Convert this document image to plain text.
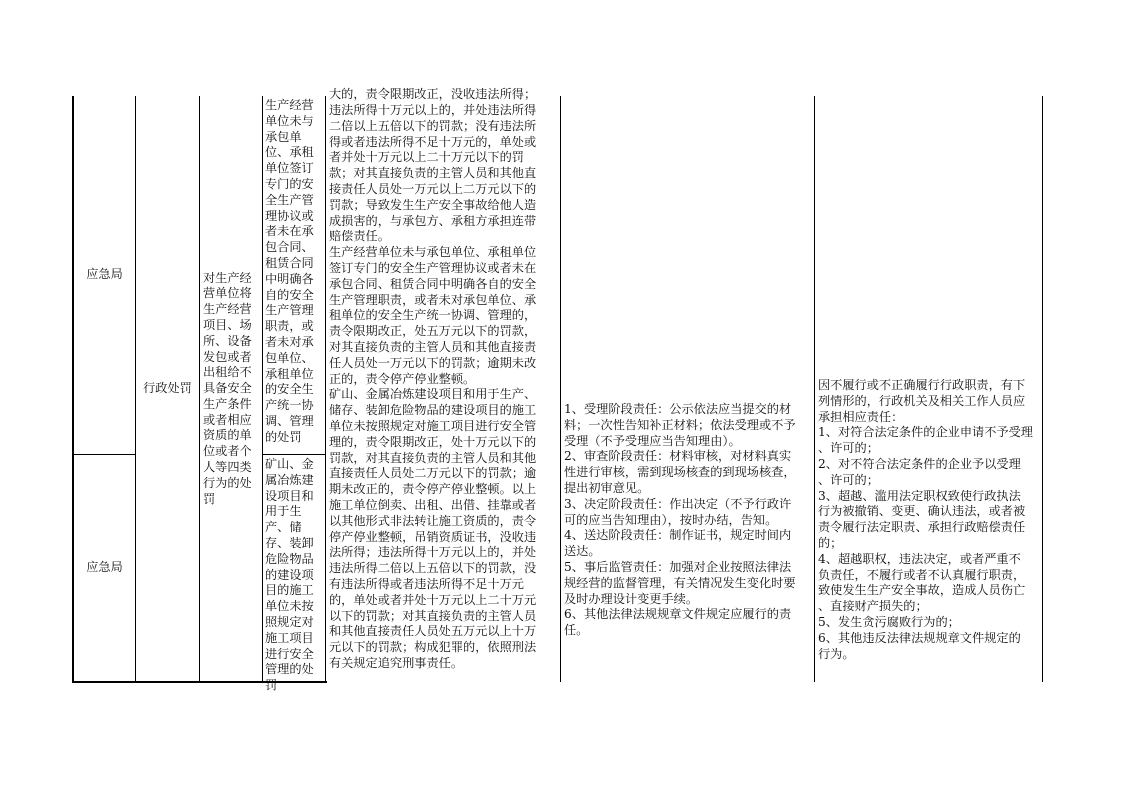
应急局
应急局
行政处罚
对生产经营单位将生产经营项目、场所、设备发包或者出租给不具备安全生产条件或者相应资质的单位或者个人等四类行为的处罚
生产经营单位未与承包单位、承租单位签订专门的安全生产管理协议或者未在承包合同、租赁合同中明确各自的安全生产管理职责，或者未对承包单位、承租单位的安全生产统一协调、管理的处罚
矿山、金属冶炼建设项目和用于生产、储存、装卸危险物品的建设项目的施工单位未按照规定对施工项目进行安全管理的处罚
大的，责令限期改正，没收违法所得；
违法所得十万元以上的，并处违法所得
二倍以上五倍以下的罚款；没有违法所
得或者违法所得不足十万元的，单处或
者并处十万元以上二十万元以下的罚
款；对其直接负责的主管人员和其他直
接责任人员处一万元以上二万元以下的
罚款；导致发生生产安全事故给他人造
成损害的，与承包方、承租方承担连带
赔偿责任。
生产经营单位未与承包单位、承租单位
签订专门的安全生产管理协议或者未在
承包合同、租赁合同中明确各自的安全
生产管理职责，或者未对承包单位、承
租单位的安全生产统一协调、管理的，
责令限期改正，处五万元以下的罚款，
对其直接负责的主管人员和其他直接责
任人员处一万元以下的罚款；逾期未改
正的，责令停产停业整顿。
矿山、金属冶炼建设项目和用于生产、
储存、装卸危险物品的建设项目的施工
单位未按照规定对施工项目进行安全管
理的，责令限期改正，处十万元以下的
罚款，对其直接负责的主管人员和其他
直接责任人员处二万元以下的罚款；逾
期未改正的，责令停产停业整顿。以上
施工单位倒卖、出租、出借、挂靠或者
以其他形式非法转让施工资质的，责令
停产停业整顿，吊销资质证书，没收违
法所得；违法所得十万元以上的，并处
违法所得二倍以上五倍以下的罚款，没
有违法所得或者违法所得不足十万元
的，单处或者并处十万元以上二十万元
以下的罚款；对其直接负责的主管人员
和其他直接责任人员处五万元以上十万
元以下的罚款；构成犯罪的，依照刑法
有关规定追究刑事责任。
1、受理阶段责任：公示依法应当提交的材
料；一次性告知补正材料；依法受理或不予
受理（不予受理应当告知理由）。
2、审查阶段责任：材料审核，对材料真实
性进行审核，需到现场核查的到现场核查，
提出初审意见。
3、决定阶段责任：作出决定（不予行政许
可的应当告知理由），按时办结，告知。
4、送达阶段责任：制作证书，规定时间内
送达。
5、事后监管责任：加强对企业按照法律法
规经营的监督管理，有关情况发生变化时要
及时办理设计变更手续。
6、其他法律法规规章文件规定应履行的责
任。
因不履行或不正确履行行政职责，有下
列情形的，行政机关及相关工作人员应
承担相应责任：
1、对符合法定条件的企业申请不予受理
、许可的；
2、对不符合法定条件的企业予以受理
、许可的；
3、超越、滥用法定职权致使行政执法
行为被撤销、变更、确认违法，或者被
责令履行法定职责、承担行政赔偿责任
的；
4、超越职权，违法决定，或者严重不
负责任，不履行或者不认真履行职责，
致使发生生产安全事故，造成人员伤亡
、直接财产损失的；
5、发生贪污腐败行为的；
6、其他违反法律法规规章文件规定的
行为。
